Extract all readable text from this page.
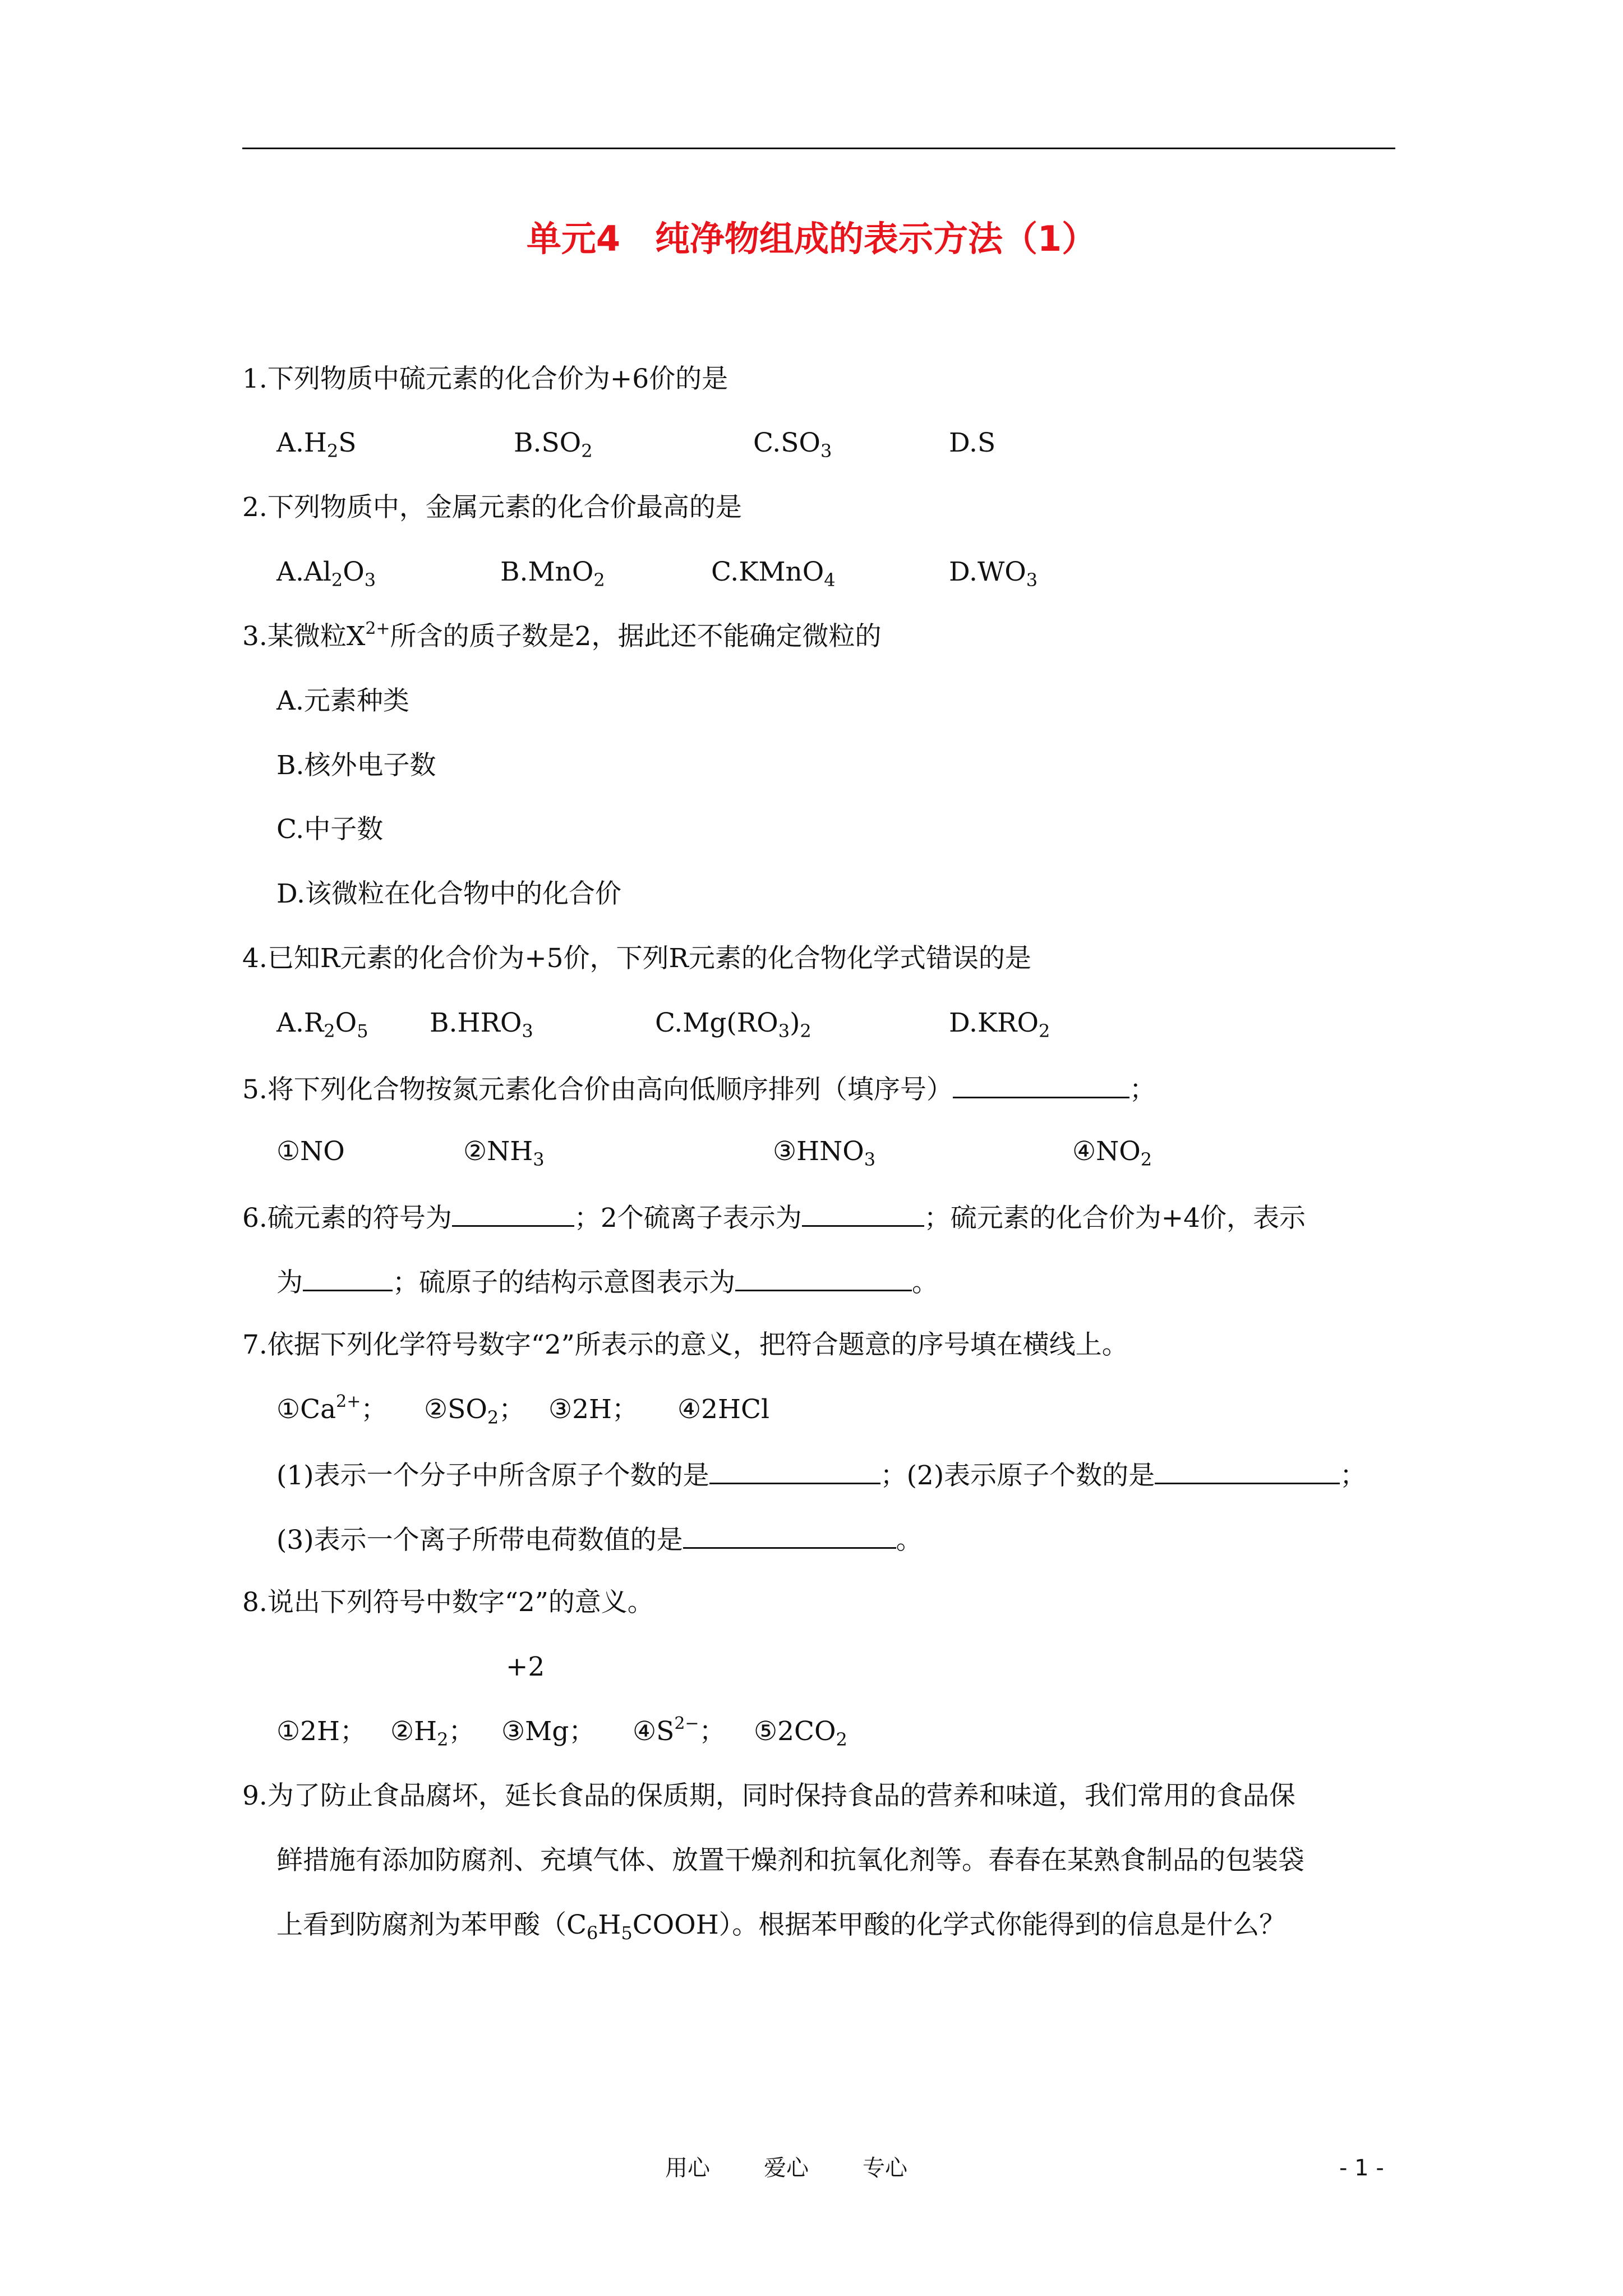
单元4　纯净物组成的表示方法（1）
1.下列物质中硫元素的化合价为+6价的是
$A.H_2S$	$B.SO_2$	$C.SO_3$	D.S
2.下列物质中，金属元素的化合价最高的是
$A.Al_2O_3$	B.MnO$_2$	C.KMnO$_4$	$D.WO_3$
3.某微粒$X^{2+}$所含的质子数是2，据此还不能确定微粒的
A.元素种类
B.核外电子数
C.中子数
D.该微粒在化合物中的化合价
4.已知R元素的化合价为+5价，下列R元素的化合物化学式错误的是
$A.R_2O_5$ $B.HRO_3$	$C.Mg(RO_3)_2$	$D.KRO_2$
5.将下列化合物按氮元素化合价由高向低顺序排列（填序号）	；
①NO	$②NH_3$	$③HNO_3$	$④NO_2$
6.硫元素的符号为	；2个硫离子表示为	；硫元素的化合价为+4价，表示
为	；硫原子的结构示意图表示为	。
7.依据下列化学符号数字“2”所表示的意义，把符合题意的序号填在横线上。
$①Ca^{2+}$； $②SO_2$； ③2H； ④2HCl
(1)表示一个分子中所含原子个数的是	；(2)表示原子个数的是	；
(3)表示一个离子所带电荷数值的是	。
8.说出下列符号中数字“2”的意义。
+2
①2H； $②H_2$； ③Mg； $④S^{2-}$； $⑤2CO_2$
9.为了防止食品腐坏，延长食品的保质期，同时保持食品的营养和味道，我们常用的食品保
鲜措施有添加防腐剂、充填气体、放置干燥剂和抗氧化剂等。春春在某熟食制品的包装袋
上看到防腐剂为苯甲酸$(C_6H_5COOH)$。根据苯甲酸的化学式你能得到的信息是什么？
用心 爱心 专心	- 1 -
